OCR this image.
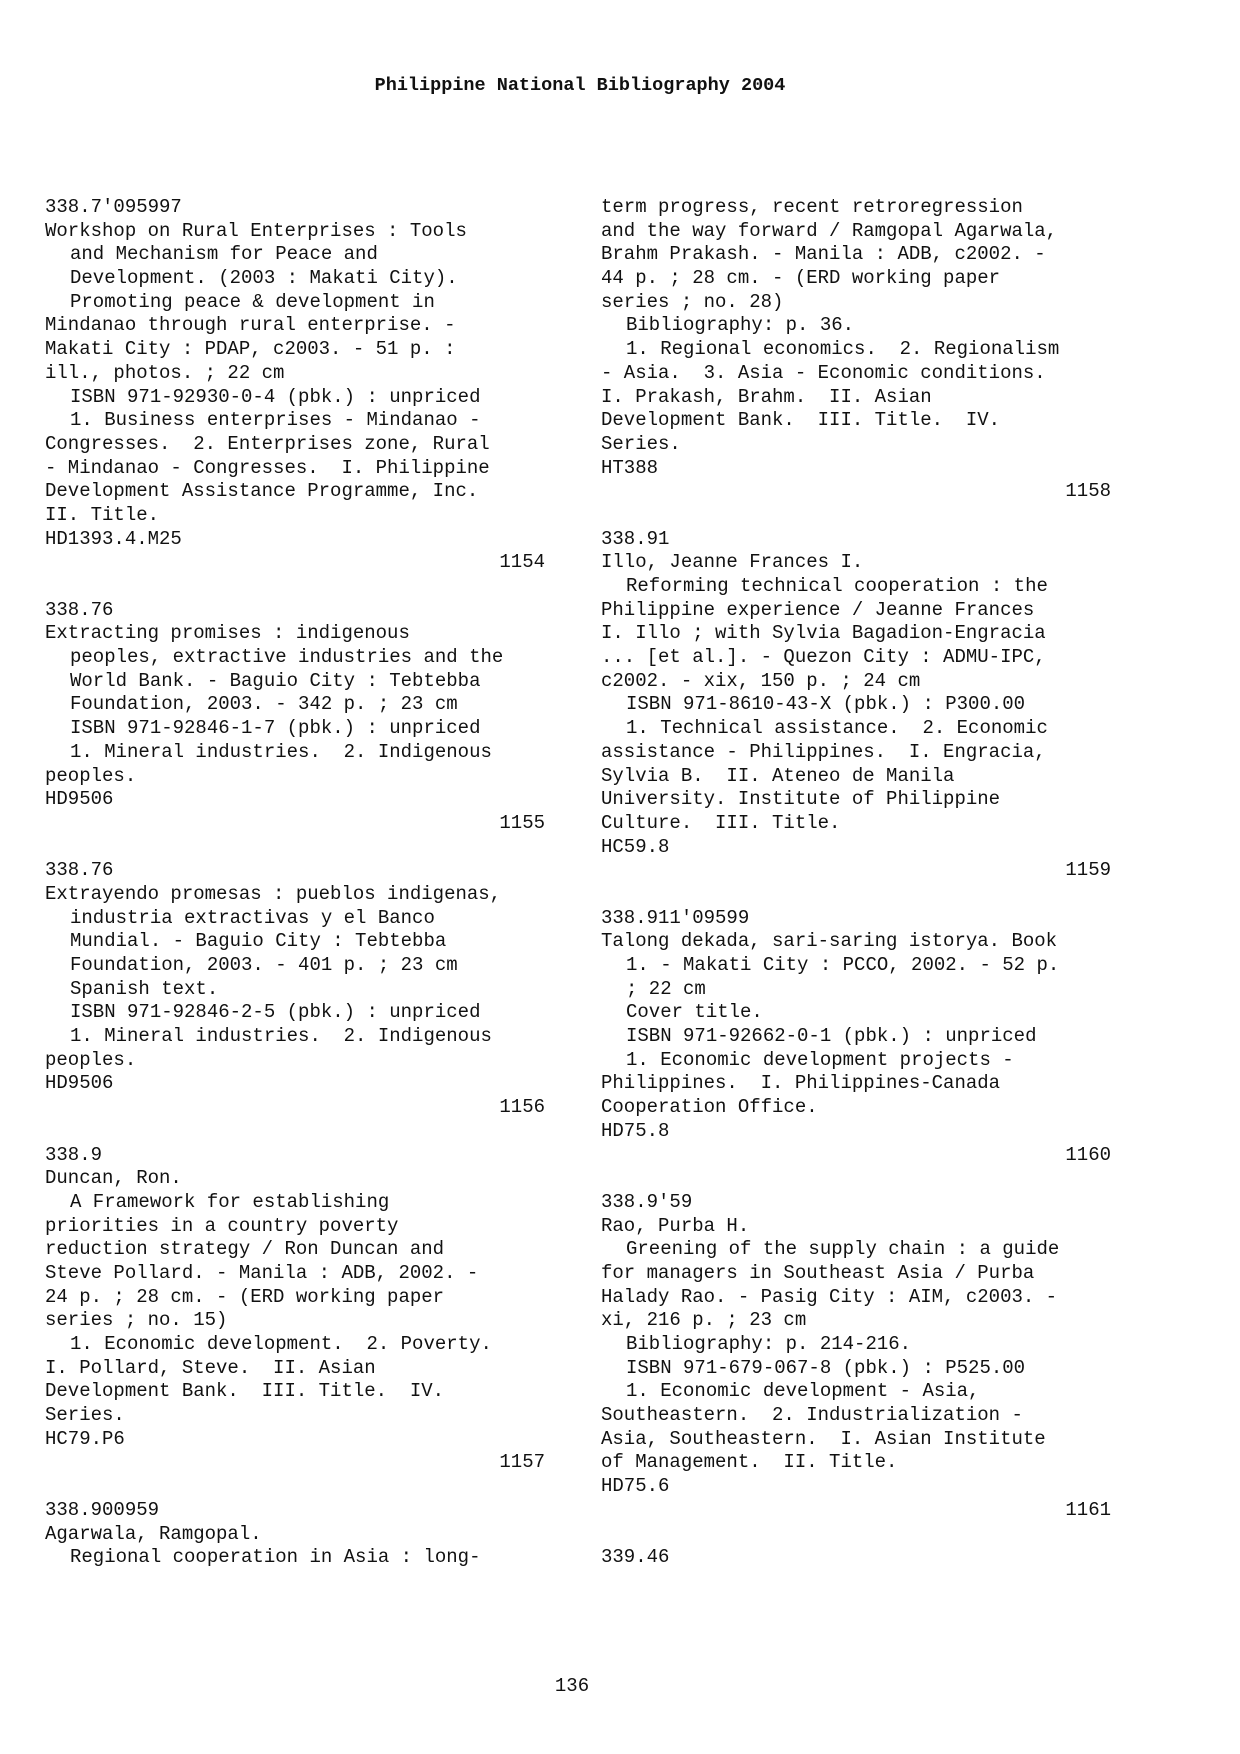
Philippine National Bibliography 2004
338.7'095997
Workshop on Rural Enterprises : Tools
and Mechanism for Peace and
Development. (2003 : Makati City).
Promoting peace & development in
Mindanao through rural enterprise. -
Makati City : PDAP, c2003. - 51 p. :
ill., photos. ; 22 cm
ISBN 971-92930-0-4 (pbk.) : unpriced
1. Business enterprises - Mindanao -
Congresses.  2. Enterprises zone, Rural
- Mindanao - Congresses.  I. Philippine
Development Assistance Programme, Inc.
II. Title.
HD1393.4.M25
1154
338.76
Extracting promises : indigenous
peoples, extractive industries and the
World Bank. - Baguio City : Tebtebba
Foundation, 2003. - 342 p. ; 23 cm
ISBN 971-92846-1-7 (pbk.) : unpriced
1. Mineral industries.  2. Indigenous
peoples.
HD9506
1155
338.76
Extrayendo promesas : pueblos indigenas,
industria extractivas y el Banco
Mundial. - Baguio City : Tebtebba
Foundation, 2003. - 401 p. ; 23 cm
Spanish text.
ISBN 971-92846-2-5 (pbk.) : unpriced
1. Mineral industries.  2. Indigenous
peoples.
HD9506
1156
338.9
Duncan, Ron.
A Framework for establishing
priorities in a country poverty
reduction strategy / Ron Duncan and
Steve Pollard. - Manila : ADB, 2002. -
24 p. ; 28 cm. - (ERD working paper
series ; no. 15)
1. Economic development.  2. Poverty.
I. Pollard, Steve.  II. Asian
Development Bank.  III. Title.  IV.
Series.
HC79.P6
1157
338.900959
Agarwala, Ramgopal.
Regional cooperation in Asia : long-
term progress, recent retroregression
and the way forward / Ramgopal Agarwala,
Brahm Prakash. - Manila : ADB, c2002. -
44 p. ; 28 cm. - (ERD working paper
series ; no. 28)
Bibliography: p. 36.
1. Regional economics.  2. Regionalism
- Asia.  3. Asia - Economic conditions.
I. Prakash, Brahm.  II. Asian
Development Bank.  III. Title.  IV.
Series.
HT388
1158
338.91
Illo, Jeanne Frances I.
Reforming technical cooperation : the
Philippine experience / Jeanne Frances
I. Illo ; with Sylvia Bagadion-Engracia
... [et al.]. - Quezon City : ADMU-IPC,
c2002. - xix, 150 p. ; 24 cm
ISBN 971-8610-43-X (pbk.) : P300.00
1. Technical assistance.  2. Economic
assistance - Philippines.  I. Engracia,
Sylvia B.  II. Ateneo de Manila
University. Institute of Philippine
Culture.  III. Title.
HC59.8
1159
338.911'09599
Talong dekada, sari-saring istorya. Book
1. - Makati City : PCCO, 2002. - 52 p.
; 22 cm
Cover title.
ISBN 971-92662-0-1 (pbk.) : unpriced
1. Economic development projects -
Philippines.  I. Philippines-Canada
Cooperation Office.
HD75.8
1160
338.9'59
Rao, Purba H.
Greening of the supply chain : a guide
for managers in Southeast Asia / Purba
Halady Rao. - Pasig City : AIM, c2003. -
xi, 216 p. ; 23 cm
Bibliography: p. 214-216.
ISBN 971-679-067-8 (pbk.) : P525.00
1. Economic development - Asia,
Southeastern.  2. Industrialization -
Asia, Southeastern.  I. Asian Institute
of Management.  II. Title.
HD75.6
1161
339.46
136
